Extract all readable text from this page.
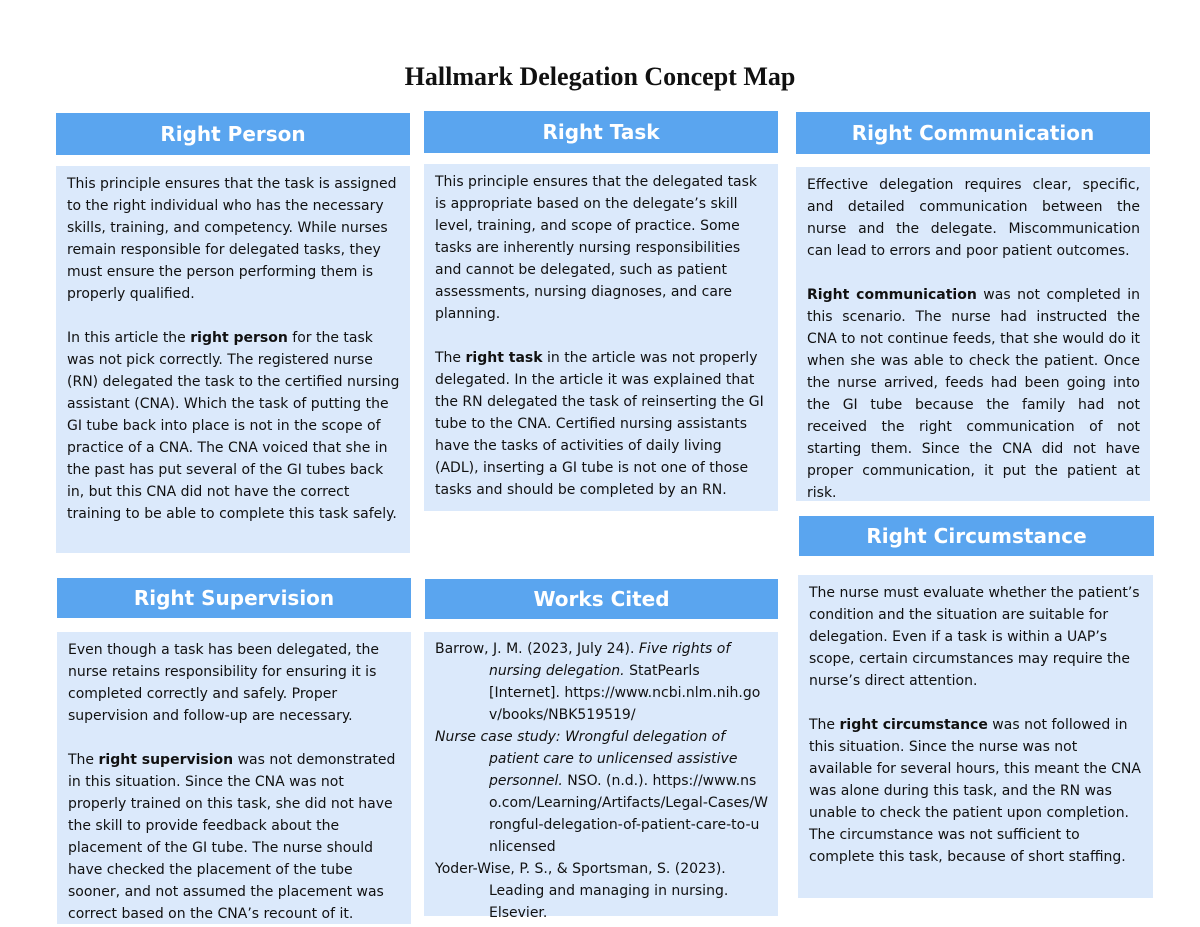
Hallmark Delegation Concept Map
Right Person

This principle ensures that the task is assigned to the right individual who has the necessary skills, training, and competency. While nurses remain responsible for delegated tasks, they must ensure the person performing them is properly qualified.

In this article the right person for the task was not pick correctly. The registered nurse (RN) delegated the task to the certified nursing assistant (CNA). Which the task of putting the GI tube back into place is not in the scope of practice of a CNA. The CNA voiced that she in the past has put several of the GI tubes back in, but this CNA did not have the correct training to be able to complete this task safely.

Right Task

This principle ensures that the delegated task is appropriate based on the delegate’s skill level, training, and scope of practice. Some tasks are inherently nursing responsibilities and cannot be delegated, such as patient assessments, nursing diagnoses, and care planning.

The right task in the article was not properly delegated. In the article it was explained that the RN delegated the task of reinserting the GI tube to the CNA. Certified nursing assistants have the tasks of activities of daily living (ADL), inserting a GI tube is not one of those tasks and should be completed by an RN.

Right Communication

Effective delegation requires clear, specific, and detailed communication between the nurse and the delegate. Miscommunication can lead to errors and poor patient outcomes.

Right communication was not completed in this scenario. The nurse had instructed the CNA to not continue feeds, that she would do it when she was able to check the patient. Once the nurse arrived, feeds had been going into the GI tube because the family had not received the right communication of not starting them. Since the CNA did not have proper communication, it put the patient at risk.

Right Circumstance

The nurse must evaluate whether the patient’s condition and the situation are suitable for delegation. Even if a task is within a UAP’s scope, certain circumstances may require the nurse’s direct attention.

The right circumstance was not followed in this situation. Since the nurse was not available for several hours, this meant the CNA was alone during this task, and the RN was unable to check the patient upon completion. The circumstance was not sufficient to complete this task, because of short staffing.

Right Supervision

Even though a task has been delegated, the nurse retains responsibility for ensuring it is completed correctly and safely. Proper supervision and follow-up are necessary.

The right supervision was not demonstrated in this situation. Since the CNA was not properly trained on this task, she did not have the skill to provide feedback about the placement of the GI tube. The nurse should have checked the placement of the tube sooner, and not assumed the placement was correct based on the CNA’s recount of it.

Works Cited

Barrow, J. M. (2023, July 24). Five rights of nursing delegation. StatPearls [Internet]. https://www.ncbi.nlm.nih.gov/books/NBK519519/

Nurse case study: Wrongful delegation of patient care to unlicensed assistive personnel. NSO. (n.d.). https://www.nso.com/Learning/Artifacts/Legal-Cases/Wrongful-delegation-of-patient-care-to-unlicensed

Yoder-Wise, P. S., & Sportsman, S. (2023). Leading and managing in nursing. Elsevier.
